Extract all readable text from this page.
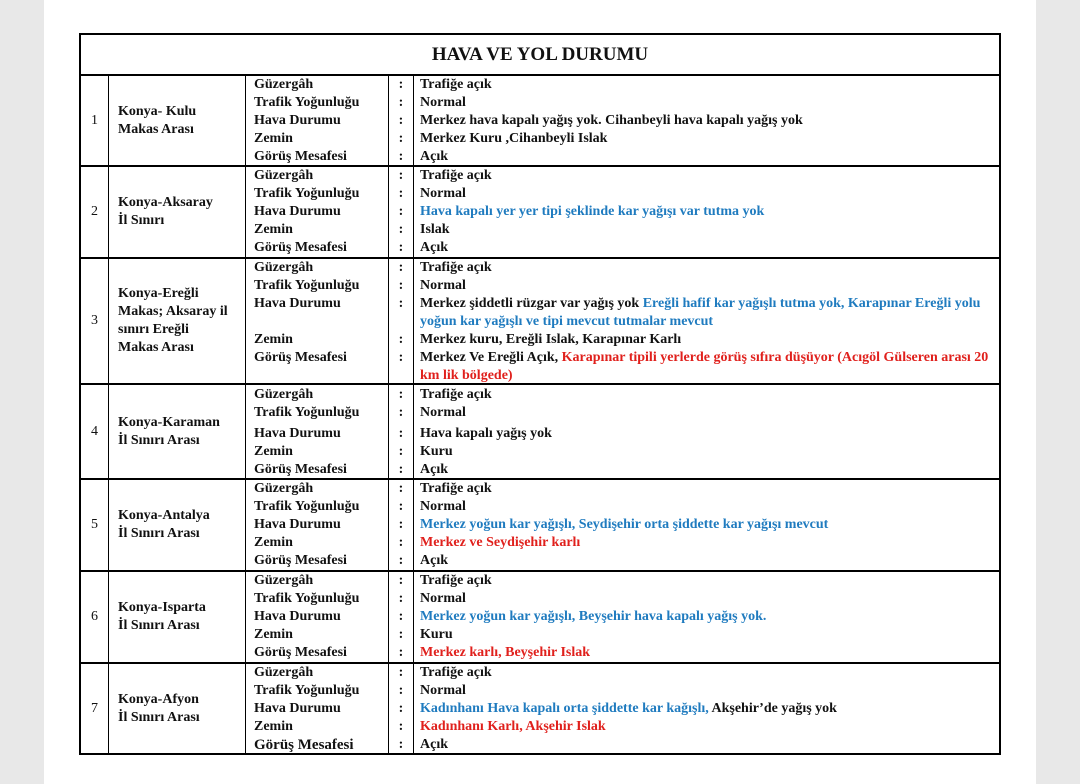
HAVA VE YOL DURUMU
1
Konya- Kulu
Makas Arası
Güzergâh
Trafik Yoğunluğu
Hava Durumu
Zemin
Görüş Mesafesi
:
:
:
:
:
Trafiğe açık
Normal
Merkez hava kapalı yağış yok. Cihanbeyli hava kapalı yağış yok
Merkez Kuru ,Cihanbeyli Islak
Açık
2
Konya-Aksaray
İl Sınırı
Güzergâh
Trafik Yoğunluğu
Hava Durumu
Zemin
Görüş Mesafesi
:
:
:
:
:
Trafiğe açık
Normal
Hava kapalı yer yer tipi şeklinde kar yağışı var tutma yok
Islak
Açık
3
Konya-Ereğli
Makas; Aksaray il
sınırı Ereğli
Makas Arası
Güzergâh
Trafik Yoğunluğu
Hava Durumu
Zemin
Görüş Mesafesi
:
:
:
:
:
Trafiğe açık
Normal
Merkez şiddetli rüzgar var yağış yok Ereğli hafif kar yağışlı tutma yok, Karapınar Ereğli yolu yoğun kar yağışlı ve tipi mevcut tutmalar mevcut
Merkez kuru, Ereğli Islak, Karapınar Karlı
Merkez Ve Ereğli Açık, Karapınar tipili yerlerde görüş sıfıra düşüyor (Acıgöl Gülseren arası 20 km lik bölgede)
4
Konya-Karaman
İl Sınırı Arası
Güzergâh
Trafik Yoğunluğu
Hava Durumu
Zemin
Görüş Mesafesi
:
:
:
:
:
Trafiğe açık
Normal
Hava kapalı yağış yok
Kuru
Açık
5
Konya-Antalya
İl Sınırı Arası
Güzergâh
Trafik Yoğunluğu
Hava Durumu
Zemin
Görüş Mesafesi
:
:
:
:
:
Trafiğe açık
Normal
Merkez yoğun kar yağışlı, Seydişehir orta şiddette kar yağışı mevcut
Merkez ve Seydişehir karlı
Açık
6
Konya-Isparta
İl Sınırı Arası
Güzergâh
Trafik Yoğunluğu
Hava Durumu
Zemin
Görüş Mesafesi
:
:
:
:
:
Trafiğe açık
Normal
Merkez yoğun kar yağışlı, Beyşehir hava kapalı yağış yok.
Kuru
Merkez karlı, Beyşehir Islak
7
Konya-Afyon
İl Sınırı Arası
Güzergâh
Trafik Yoğunluğu
Hava Durumu
Zemin
Görüş Mesafesi
:
:
:
:
:
Trafiğe açık
Normal
Kadınhanı Hava kapalı orta şiddette kar kağışlı, Akşehir’de yağış yok
Kadınhanı Karlı, Akşehir Islak
Açık
